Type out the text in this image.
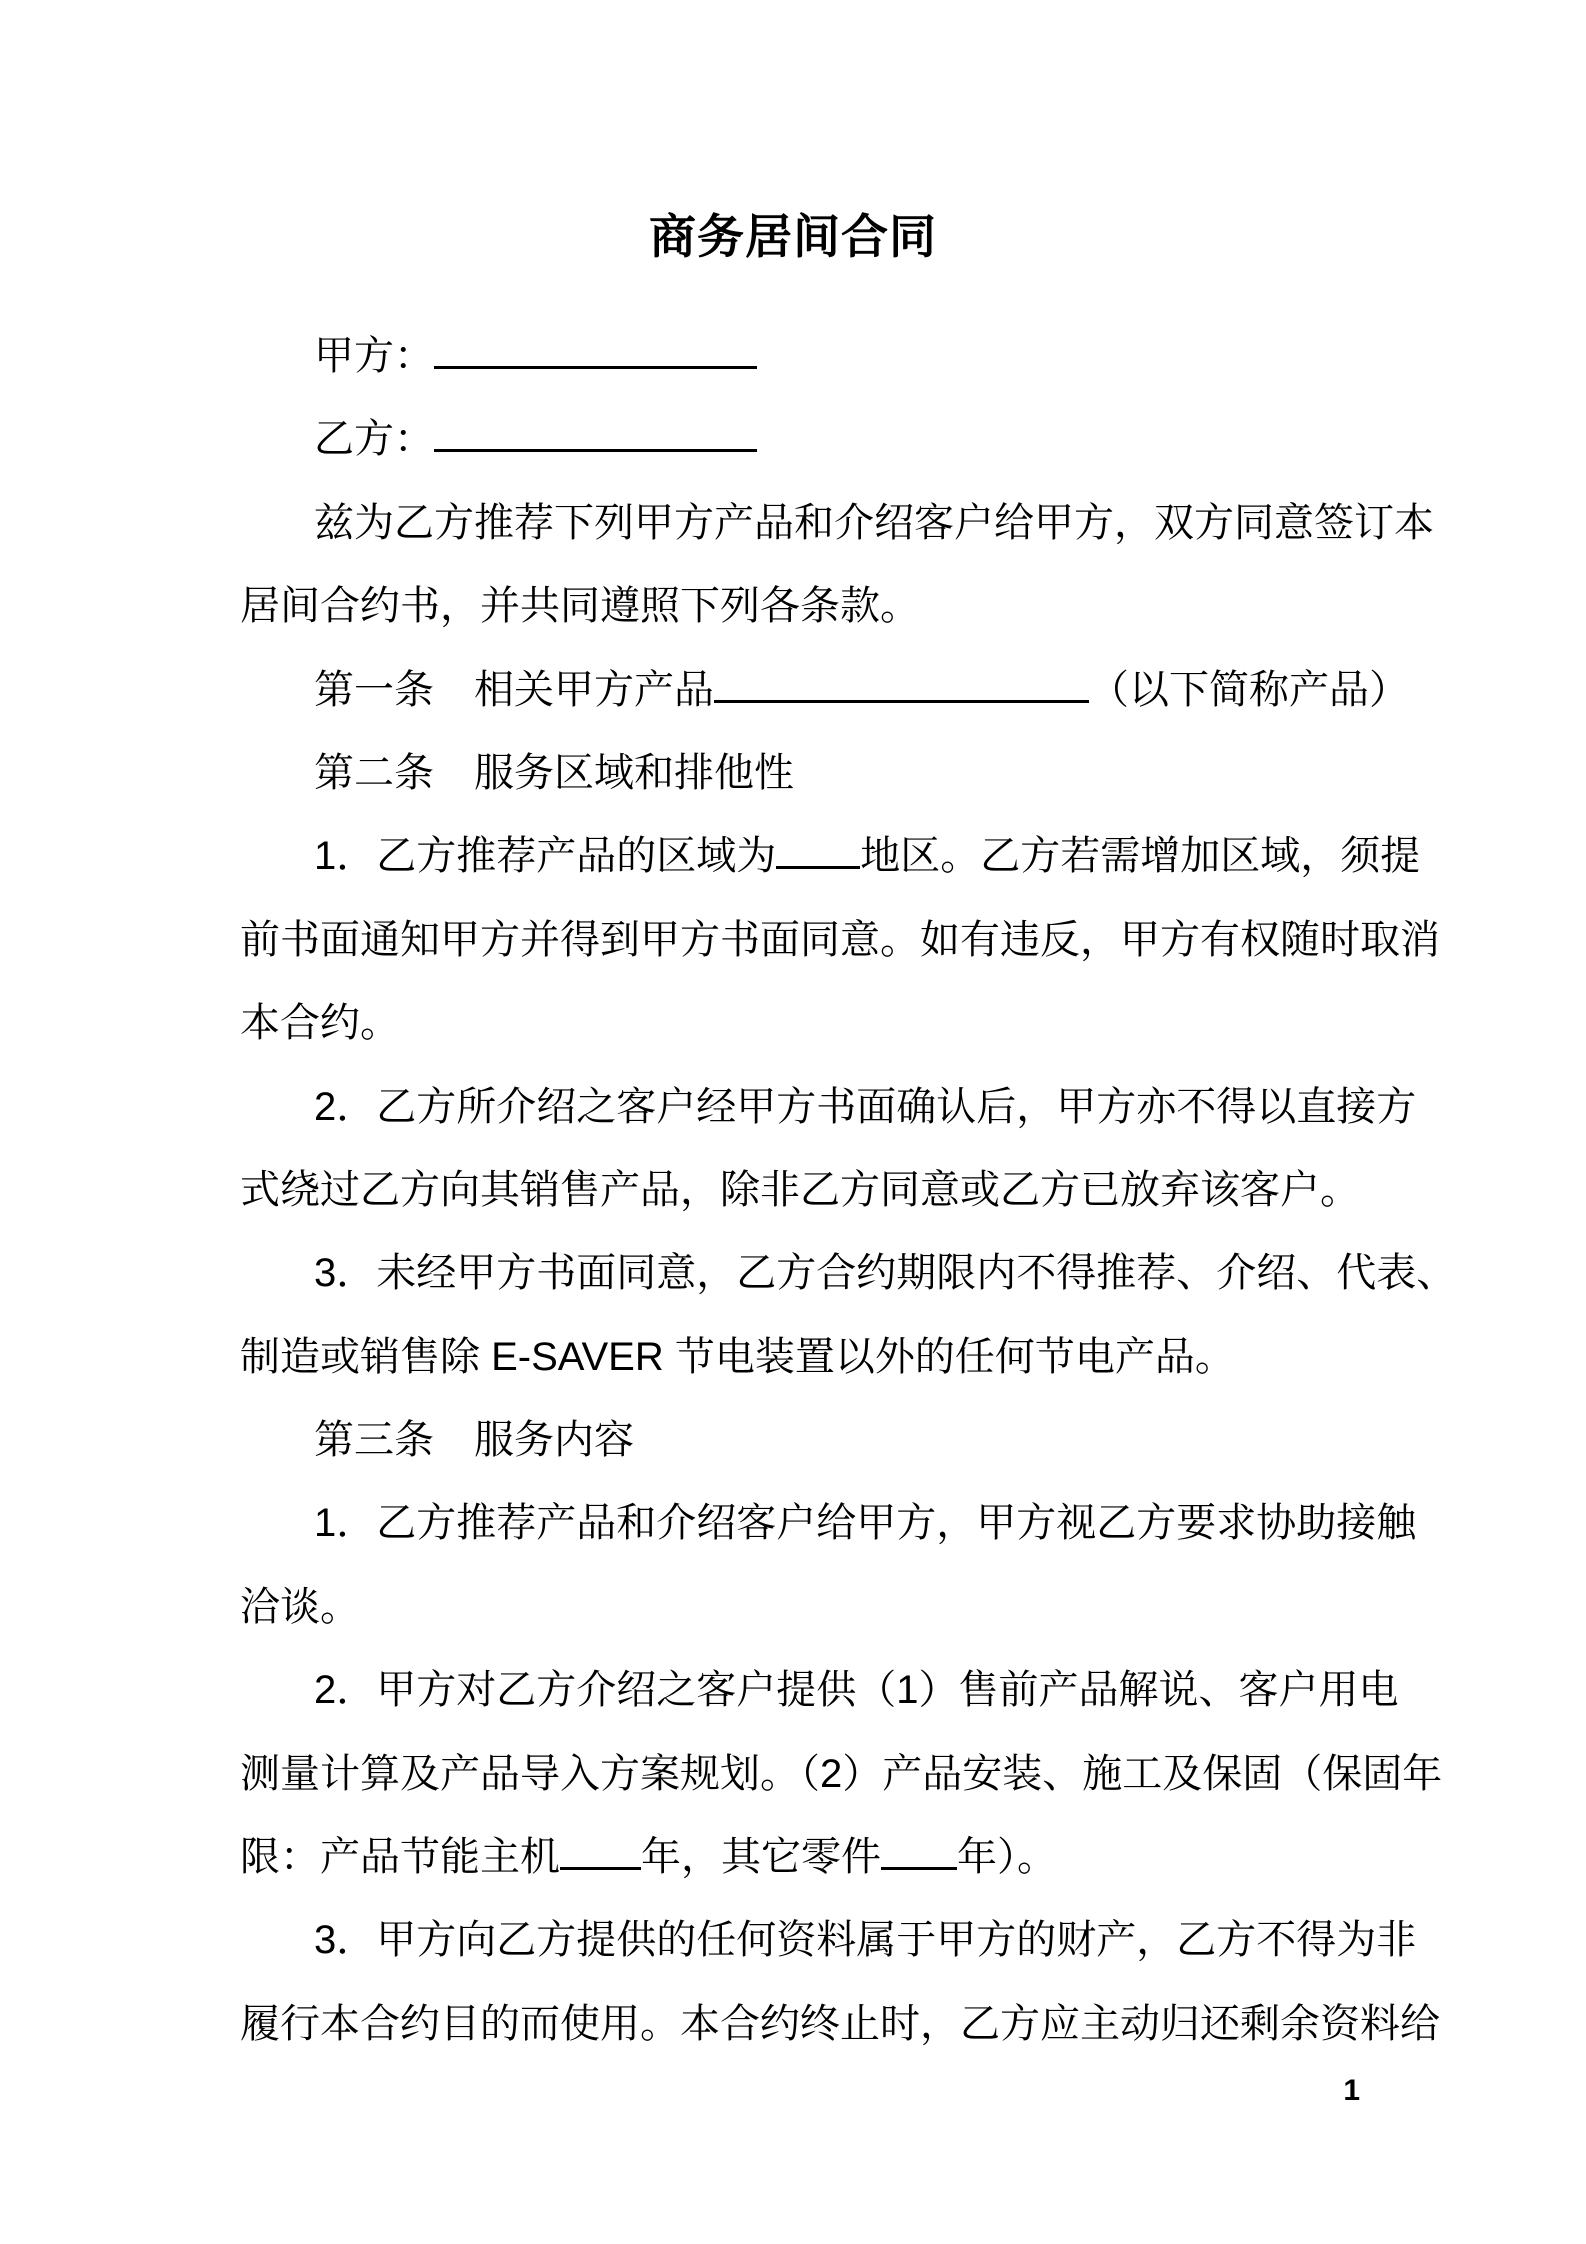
商务居间合同
甲方：
乙方：
兹为乙方推荐下列甲方产品和介绍客户给甲方，双方同意签订本
居间合约书，并共同遵照下列各条款。
第一条　相关甲方产品	（以下简称产品）
第二条　服务区域和排他性
1．乙方推荐产品的区域为 地区。乙方若需增加区域，须提
前书面通知甲方并得到甲方书面同意。如有违反，甲方有权随时取消
本合约。
2．乙方所介绍之客户经甲方书面确认后，甲方亦不得以直接方
式绕过乙方向其销售产品，除非乙方同意或乙方已放弃该客户。
3．未经甲方书面同意，乙方合约期限内不得推荐、介绍、代表、
制造或销售除 E-SAVER 节电装置以外的任何节电产品。
第三条　服务内容
1．乙方推荐产品和介绍客户给甲方，甲方视乙方要求协助接触
洽谈。
2．甲方对乙方介绍之客户提供（1）售前产品解说、客户用电
测量计算及产品导入方案规划。（2）产品安装、施工及保固（保固年
限：产品节能主机 年，其它零件 年）。
3．甲方向乙方提供的任何资料属于甲方的财产，乙方不得为非
履行本合约目的而使用。本合约终止时，乙方应主动归还剩余资料给
1
